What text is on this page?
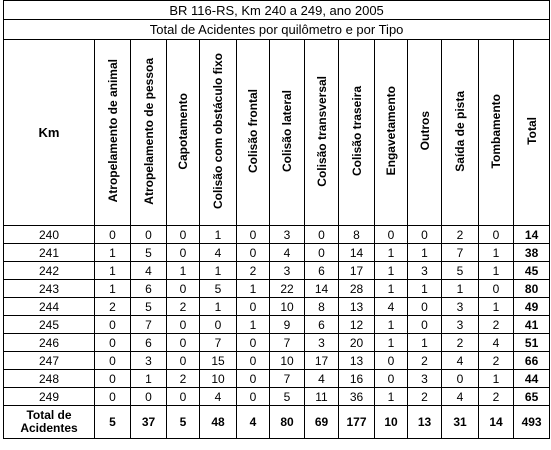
BR 116-RS, Km 240 a 249, ano 2005													
Total de Acidentes por quilômetro e por Tipo													
Km	Atropelamento de animal	Atropelamento de pessoa	Capotamento	Colisão com obstáculo fixo	Colisão frontal	Colisão lateral	Colisão transversal	Colisão traseira	Engavetamento	Outros	Saída de pista	Tombamento	Total
240	0	0	0	1	0	3	0	8	0	0	2	0	14
241	1	5	0	4	0	4	0	14	1	1	7	1	38
242	1	4	1	1	2	3	6	17	1	3	5	1	45
243	1	6	0	5	1	22	14	28	1	1	1	0	80
244	2	5	2	1	0	10	8	13	4	0	3	1	49
245	0	7	0	0	1	9	6	12	1	0	3	2	41
246	0	6	0	7	0	7	3	20	1	1	2	4	51
247	0	3	0	15	0	10	17	13	0	2	4	2	66
248	0	1	2	10	0	7	4	16	0	3	0	1	44
249	0	0	0	4	0	5	11	36	1	2	4	2	65

Total de
Acidentes	5	37	5	48	4	80	69	177	10	13	31	14	493
